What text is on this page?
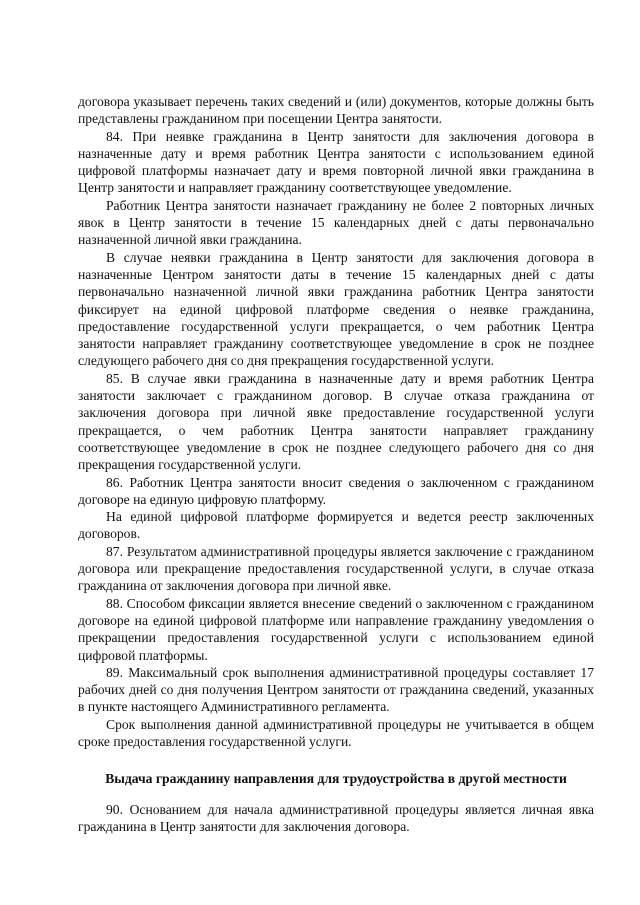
договора указывает перечень таких сведений и (или) документов, которые должны быть представлены гражданином при посещении Центра занятости.

84. При неявке гражданина в Центр занятости для заключения договора в назначенные дату и время работник Центра занятости с использованием единой цифровой платформы назначает дату и время повторной личной явки гражданина в Центр занятости и направляет гражданину соответствующее уведомление.

Работник Центра занятости назначает гражданину не более 2 повторных личных явок в Центр занятости в течение 15 календарных дней с даты первоначально назначенной личной явки гражданина.

В случае неявки гражданина в Центр занятости для заключения договора в назначенные Центром занятости даты в течение 15 календарных дней с даты первоначально назначенной личной явки гражданина работник Центра занятости фиксирует на единой цифровой платформе сведения о неявке гражданина, предоставление государственной услуги прекращается, о чем работник Центра занятости направляет гражданину соответствующее уведомление в срок не позднее следующего рабочего дня со дня прекращения государственной услуги.

85. В случае явки гражданина в назначенные дату и время работник Центра занятости заключает с гражданином договор. В случае отказа гражданина от заключения договора при личной явке предоставление государственной услуги прекращается, о чем работник Центра занятости направляет гражданину соответствующее уведомление в срок не позднее следующего рабочего дня со дня прекращения государственной услуги.

86. Работник Центра занятости вносит сведения о заключенном с гражданином договоре на единую цифровую платформу.

На единой цифровой платформе формируется и ведется реестр заключенных договоров.

87. Результатом административной процедуры является заключение с гражданином договора или прекращение предоставления государственной услуги, в случае отказа гражданина от заключения договора при личной явке.

88. Способом фиксации является внесение сведений о заключенном с гражданином договоре на единой цифровой платформе или направление гражданину уведомления о прекращении предоставления государственной услуги с использованием единой цифровой платформы.

89. Максимальный срок выполнения административной процедуры составляет 17 рабочих дней со дня получения Центром занятости от гражданина сведений, указанных в пункте настоящего Административного регламента.

Срок выполнения данной административной процедуры не учитывается в общем сроке предоставления государственной услуги.

Выдача гражданину направления для трудоустройства в другой местности

90. Основанием для начала административной процедуры является личная явка гражданина в Центр занятости для заключения договора.
